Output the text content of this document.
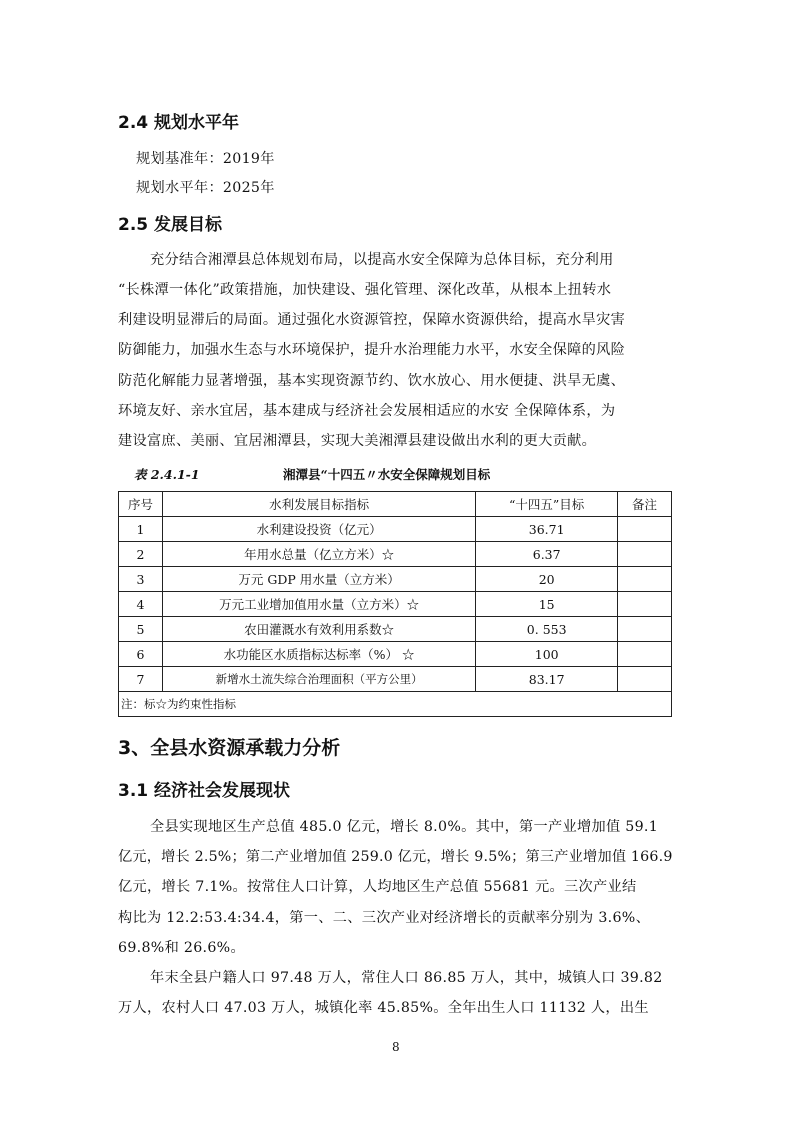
2.4 规划水平年
规划基准年：2019年
规划水平年：2025年
2.5 发展目标
充分结合湘潭县总体规划布局，以提高水安全保障为总体目标，充分利用
“长株潭一体化”政策措施，加快建设、强化管理、深化改革，从根本上扭转水
利建设明显滞后的局面。通过强化水资源管控，保障水资源供给，提高水旱灾害
防御能力，加强水生态与水环境保护，提升水治理能力水平，水安全保障的风险
防范化解能力显著增强，基本实现资源节约、饮水放心、用水便捷、洪旱无虞、
环境友好、亲水宜居，基本建成与经济社会发展相适应的水安 全保障体系，为
建设富庶、美丽、宜居湘潭县，实现大美湘潭县建设做出水利的更大贡献。
表 2.4.1-1	湘潭县“十四五〃水安全保障规划目标
序号	水利发展目标指标	“十四五”目标	备注
1	水利建设投资（亿元）	36.71	
2	年用水总量（亿立方米）☆	6.37	
3	万元 GDP 用水量（立方米）	20	
4	万元工业增加值用水量（立方米）☆	15	
5	农田灌溉水有效利用系数☆	0. 553	
6	水功能区水质指标达标率（%） ☆	100	
7	新增水土流失综合治理面积（平方公里）	83.17	
注：标☆为约束性指标			
3、全县水资源承载力分析
3.1 经济社会发展现状
全县实现地区生产总值 485.0 亿元，增长 8.0%。其中，第一产业增加值 59.1
亿元，增长 2.5%；第二产业增加值 259.0 亿元，增长 9.5%；第三产业增加值 166.9
亿元，增长 7.1%。按常住人口计算，人均地区生产总值 55681 元。三次产业结
构比为 12.2:53.4:34.4，第一、二、三次产业对经济增长的贡献率分别为 3.6%、
69.8%和 26.6%。
年末全县户籍人口 97.48 万人，常住人口 86.85 万人，其中，城镇人口 39.82
万人，农村人口 47.03 万人，城镇化率 45.85%。全年出生人口 11132 人，出生
8
